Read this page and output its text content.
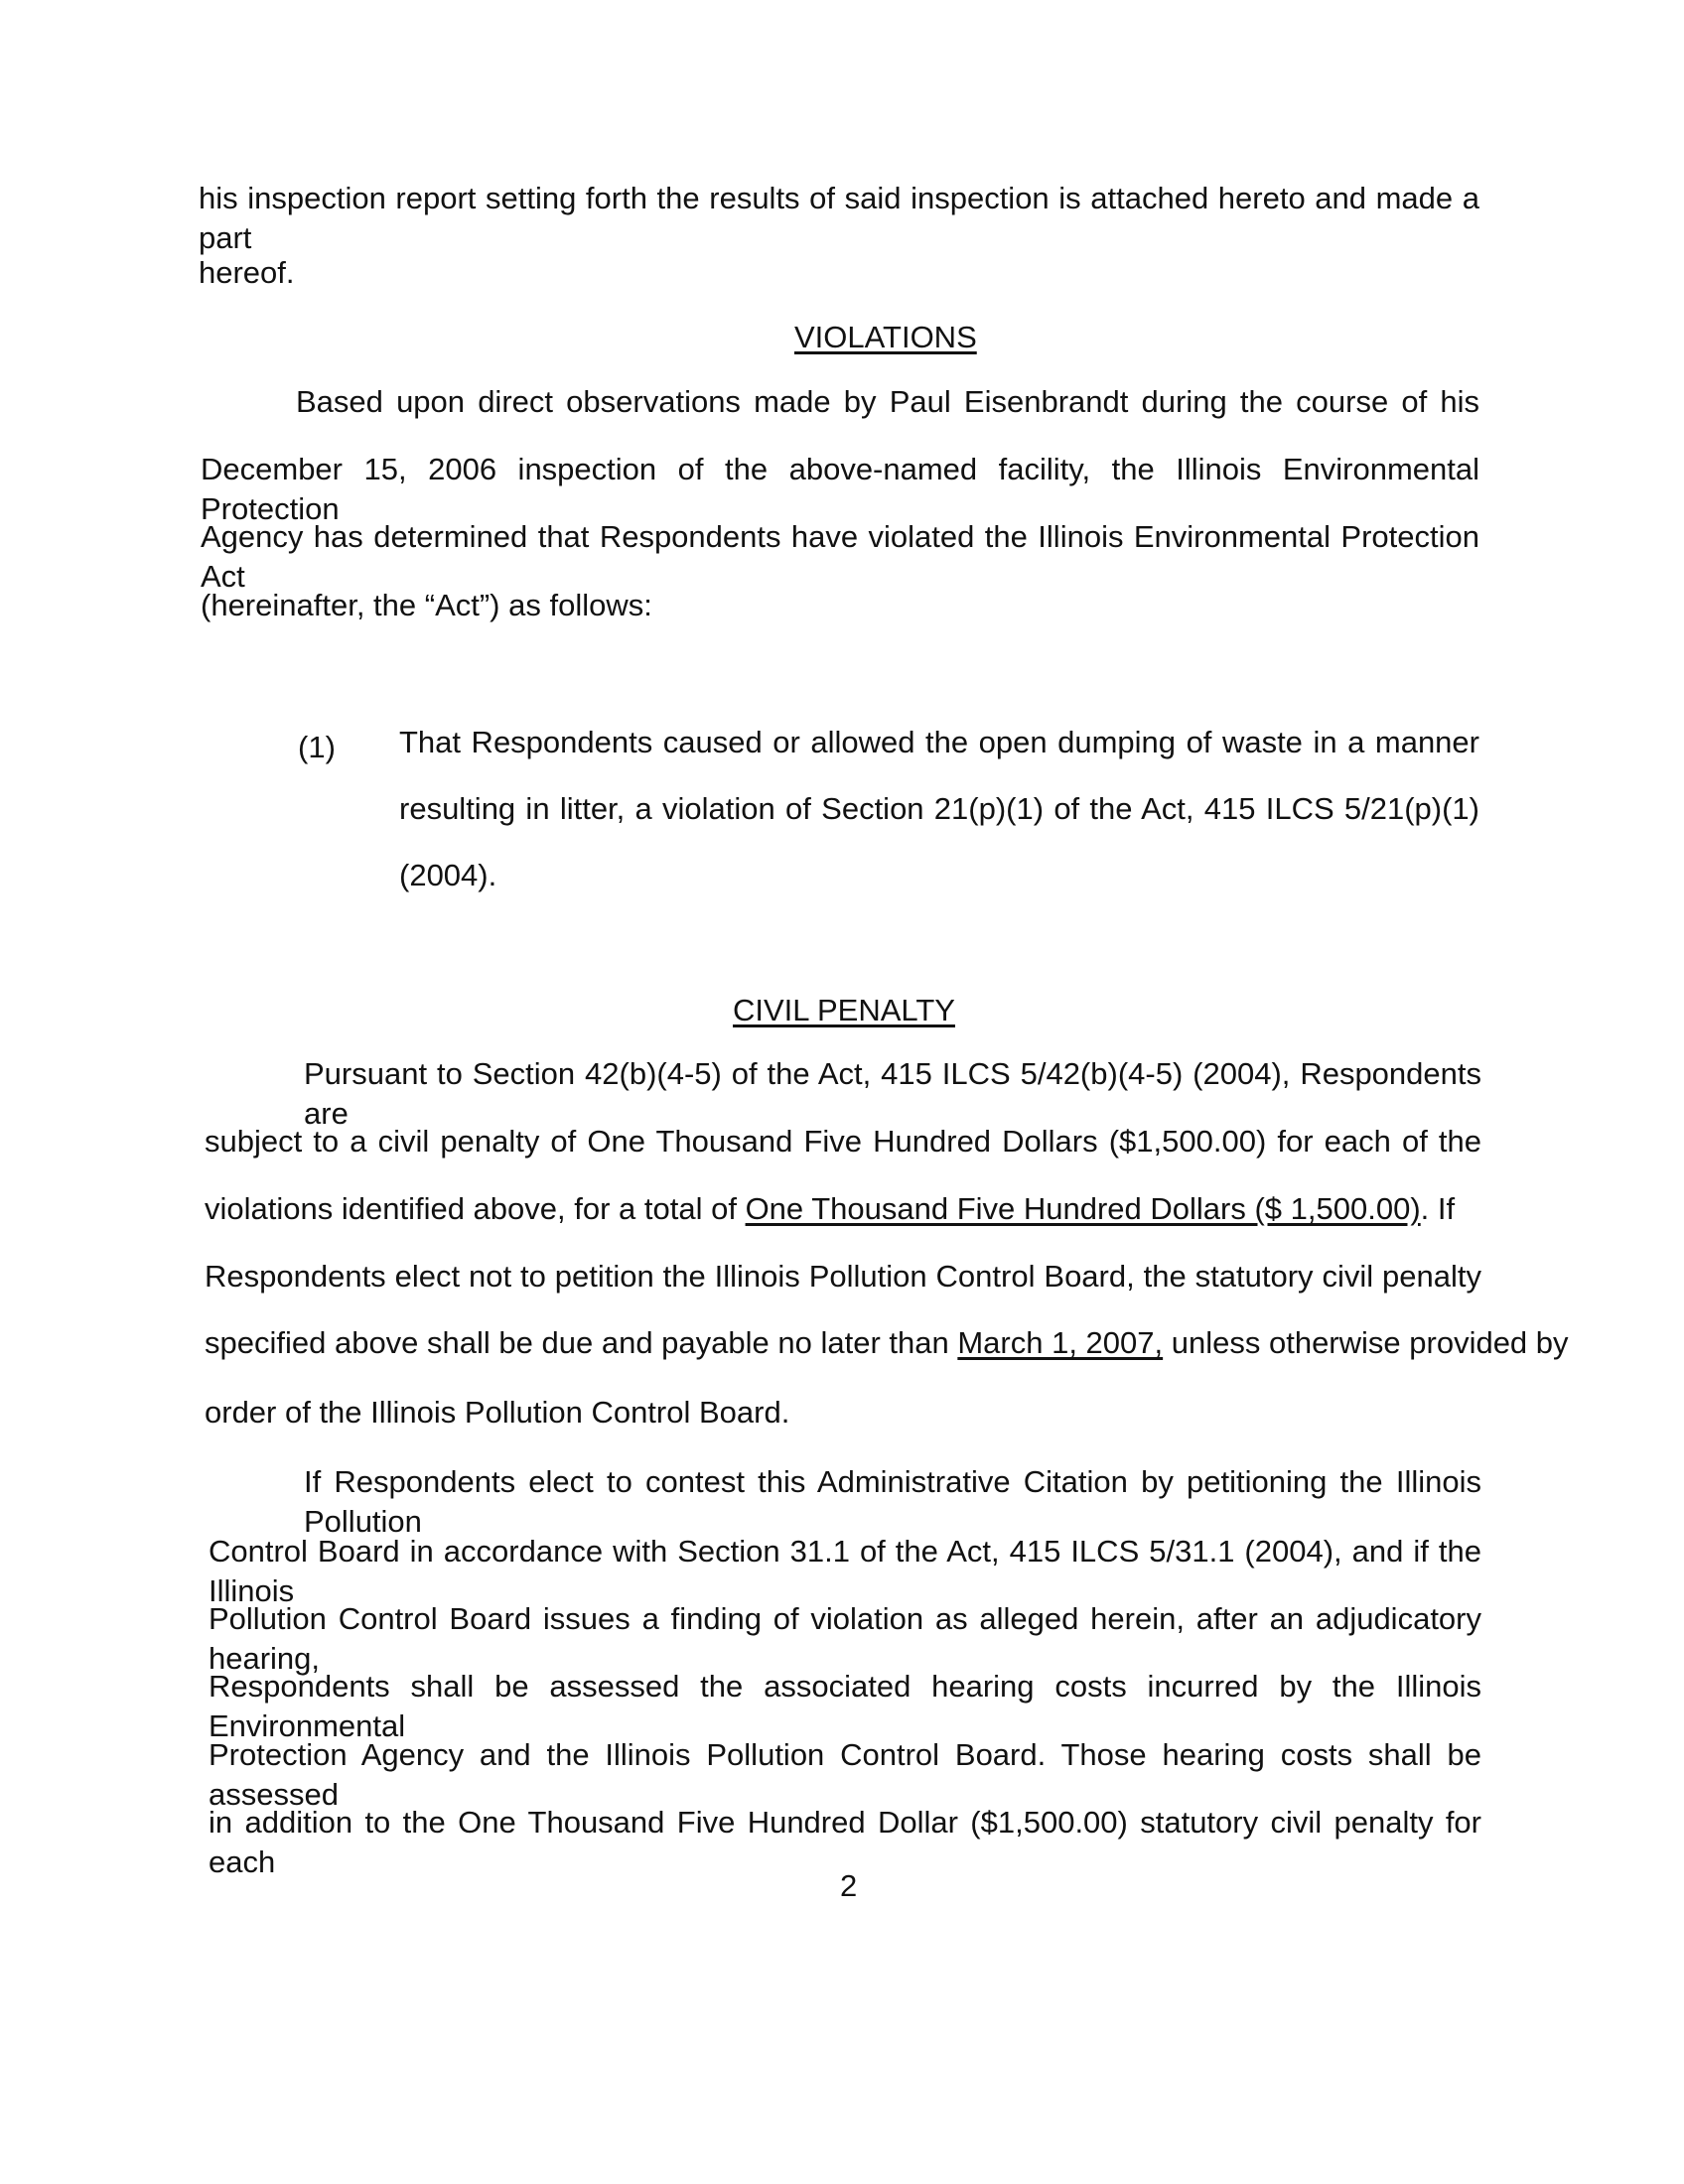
his inspection report setting forth the results of said inspection is attached hereto and made a part
hereof.
VIOLATIONS
Based upon direct observations made by Paul Eisenbrandt during the course of his
December 15, 2006 inspection of the above-named facility, the Illinois Environmental Protection
Agency has determined that Respondents have violated the Illinois Environmental Protection Act
(hereinafter, the “Act”) as follows:
(1) That Respondents caused or allowed the open dumping of waste in a manner
resulting in litter, a violation of Section 21(p)(1) of the Act, 415 ILCS 5/21(p)(1)
(2004).
CIVIL PENALTY
Pursuant to Section 42(b)(4-5) of the Act, 415 ILCS 5/42(b)(4-5) (2004), Respondents are
subject to a civil penalty of One Thousand Five Hundred Dollars ($1,500.00) for each of the
violations identified above, for a total of One Thousand Five Hundred Dollars ($ 1,500.00). If
Respondents elect not to petition the Illinois Pollution Control Board, the statutory civil penalty
specified above shall be due and payable no later than March 1, 2007, unless otherwise provided by
order of the Illinois Pollution Control Board.
If Respondents elect to contest this Administrative Citation by petitioning the Illinois Pollution
Control Board in accordance with Section 31.1 of the Act, 415 ILCS 5/31.1 (2004), and if the Illinois
Pollution Control Board issues a finding of violation as alleged herein, after an adjudicatory hearing,
Respondents shall be assessed the associated hearing costs incurred by the Illinois Environmental
Protection Agency and the Illinois Pollution Control Board. Those hearing costs shall be assessed
in addition to the One Thousand Five Hundred Dollar ($1,500.00) statutory civil penalty for each
2
